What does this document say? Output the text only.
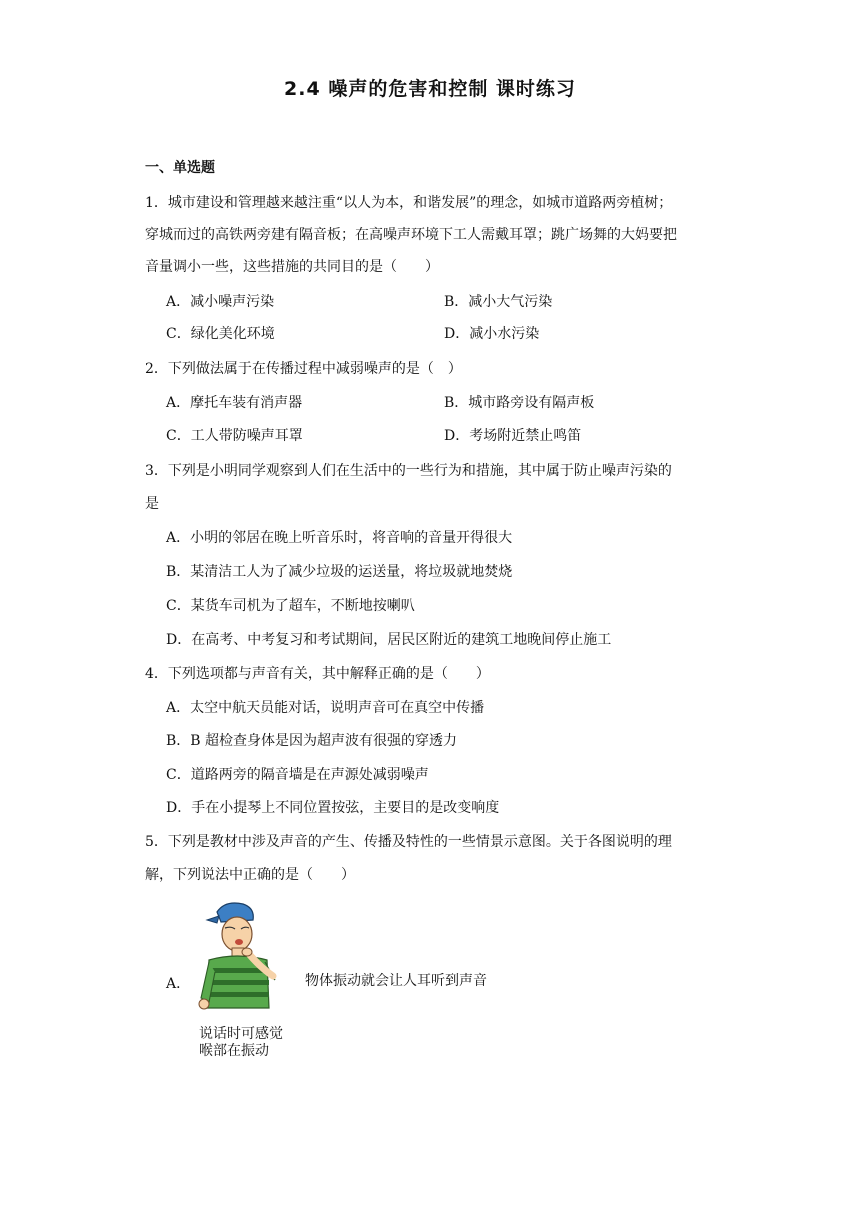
2.4 噪声的危害和控制 课时练习
一、单选题
1．城市建设和管理越来越注重“以人为本，和谐发展”的理念，如城市道路两旁植树；
穿城而过的高铁两旁建有隔音板；在高噪声环境下工人需戴耳罩；跳广场舞的大妈要把
音量调小一些，这些措施的共同目的是（　　）
A．减小噪声污染	B．减小大气污染
C．绿化美化环境	D．减小水污染
2．下列做法属于在传播过程中减弱噪声的是（　）
A．摩托车装有消声器	B．城市路旁设有隔声板
C．工人带防噪声耳罩	D．考场附近禁止鸣笛
3．下列是小明同学观察到人们在生活中的一些行为和措施，其中属于防止噪声污染的
是
A．小明的邻居在晚上听音乐时，将音响的音量开得很大
B．某清洁工人为了减少垃圾的运送量，将垃圾就地焚烧
C．某货车司机为了超车，不断地按喇叭
D．在高考、中考复习和考试期间，居民区附近的建筑工地晚间停止施工
4．下列选项都与声音有关，其中解释正确的是（　　）
A．太空中航天员能对话，说明声音可在真空中传播
B．B 超检查身体是因为超声波有很强的穿透力
C．道路两旁的隔音墙是在声源处减弱噪声
D．手在小提琴上不同位置按弦，主要目的是改变响度
5．下列是教材中涉及声音的产生、传播及特性的一些情景示意图。关于各图说明的理
解，下列说法中正确的是（　　）
A．	物体振动就会让人耳听到声音
说话时可感觉
喉部在振动
